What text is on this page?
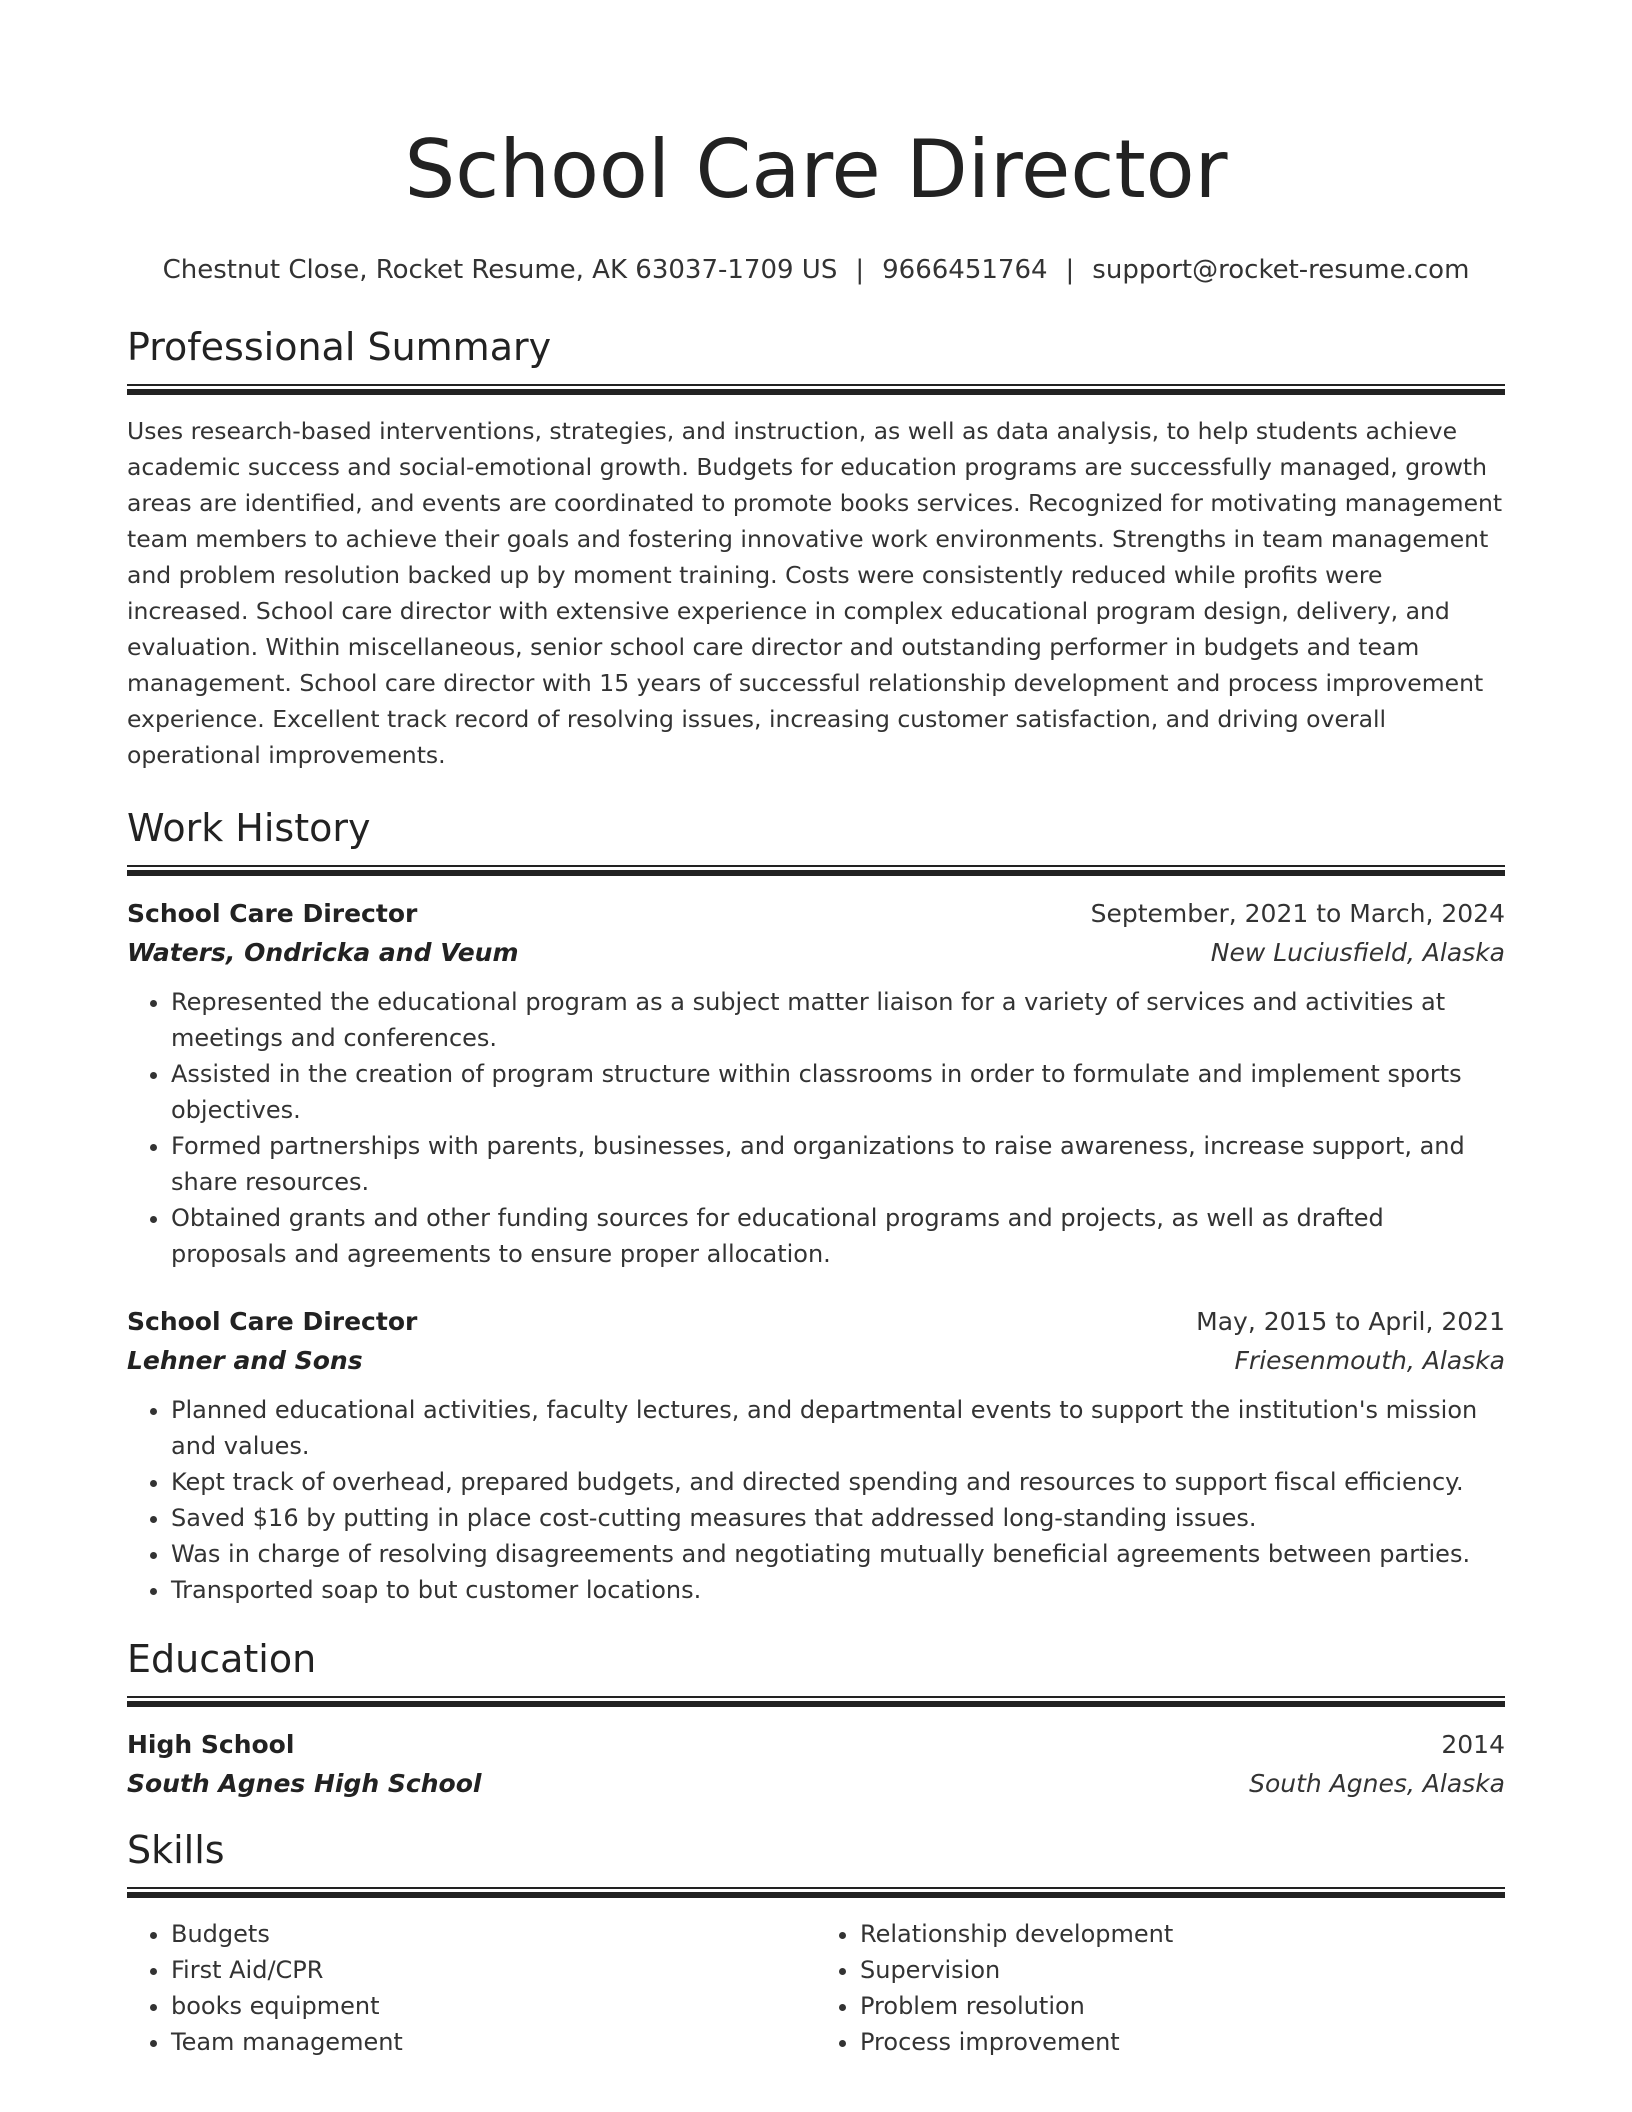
School Care Director
Chestnut Close, Rocket Resume, AK 63037-1709 US | 9666451764 | support@rocket-resume.com
Professional Summary

Uses research-based interventions, strategies, and instruction, as well as data analysis, to help students achieve academic success and social-emotional growth. Budgets for education programs are successfully managed, growth areas are identified, and events are coordinated to promote books services. Recognized for motivating management team members to achieve their goals and fostering innovative work environments. Strengths in team management and problem resolution backed up by moment training. Costs were consistently reduced while profits were increased. School care director with extensive experience in complex educational program design, delivery, and evaluation. Within miscellaneous, senior school care director and outstanding performer in budgets and team management. School care director with 15 years of successful relationship development and process improvement experience. Excellent track record of resolving issues, increasing customer satisfaction, and driving overall operational improvements.

Work History
School Care Director	September, 2021 to March, 2024
Waters, Ondricka and Veum	New Luciusfield, Alaska
• Represented the educational program as a subject matter liaison for a variety of services and activities at meetings and conferences.
• Assisted in the creation of program structure within classrooms in order to formulate and implement sports objectives.
• Formed partnerships with parents, businesses, and organizations to raise awareness, increase support, and share resources.
• Obtained grants and other funding sources for educational programs and projects, as well as drafted proposals and agreements to ensure proper allocation.
School Care Director	May, 2015 to April, 2021
Lehner and Sons	Friesenmouth, Alaska
• Planned educational activities, faculty lectures, and departmental events to support the institution's mission and values.
• Kept track of overhead, prepared budgets, and directed spending and resources to support fiscal efficiency.
• Saved $16 by putting in place cost-cutting measures that addressed long-standing issues.
• Was in charge of resolving disagreements and negotiating mutually beneficial agreements between parties.
• Transported soap to but customer locations.
Education
High School	2014
South Agnes High School	South Agnes, Alaska
Skills
• Budgets
• First Aid/CPR
• books equipment
• Team management
• Relationship development
• Supervision
• Problem resolution
• Process improvement
